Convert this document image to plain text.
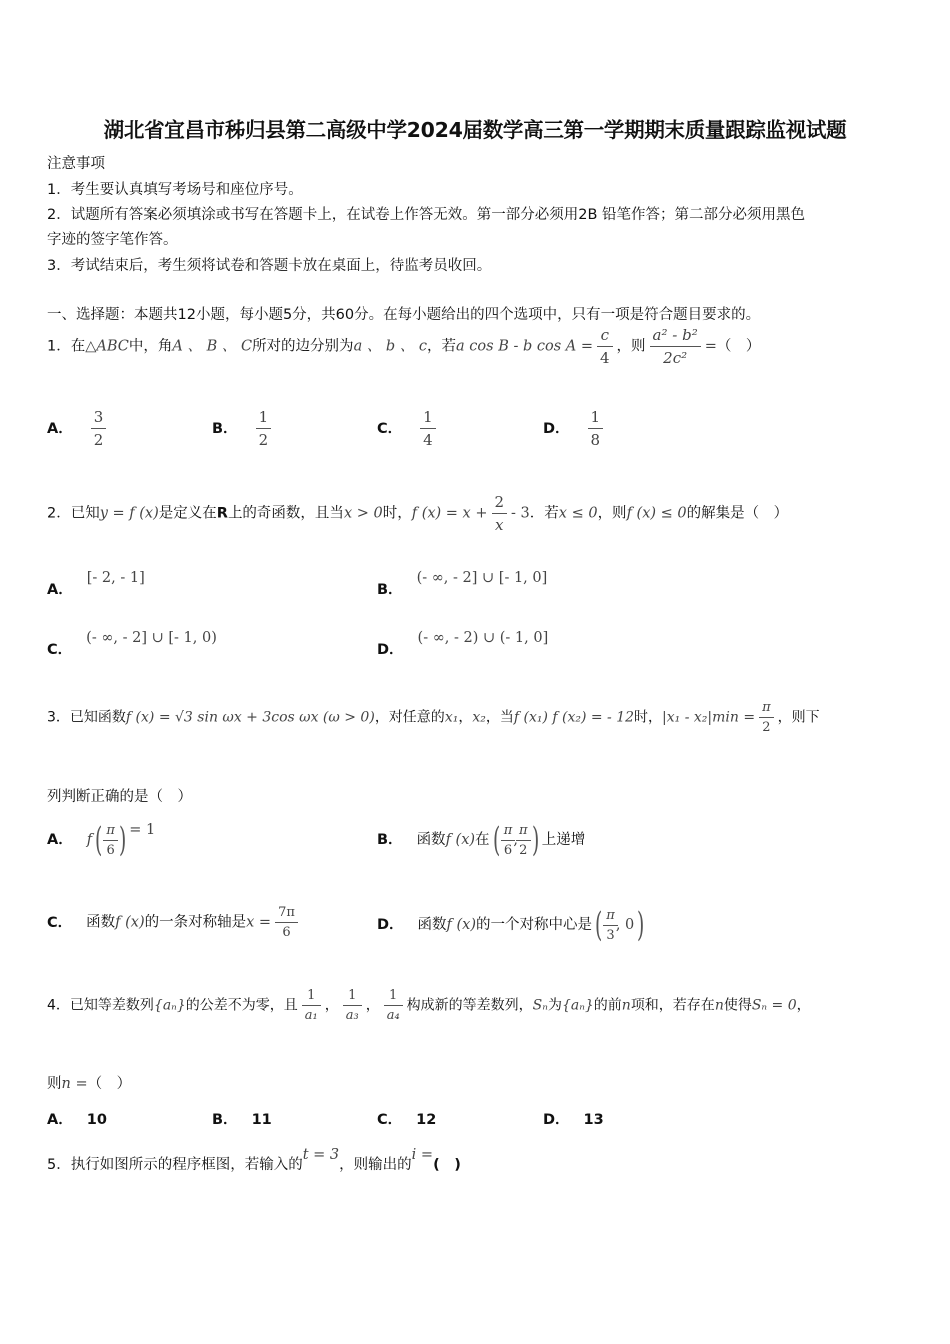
湖北省宜昌市秭归县第二高级中学2024届数学高三第一学期期末质量跟踪监视试题
注意事项
1．考生要认真填写考场号和座位序号。
2．试题所有答案必须填涂或书写在答题卡上，在试卷上作答无效。第一部分必须用2B 铅笔作答；第二部分必须用黑色
字迹的签字笔作答。
3．考试结束后，考生须将试卷和答题卡放在桌面上，待监考员收回。
一、选择题：本题共12小题，每小题5分，共60分。在每小题给出的四个选项中，只有一项是符合题目要求的。
1．在△ABC中，角A 、 B 、 C所对的边分别为a 、 b 、 c，若a cos B - b $\cos A = \frac{c}{4}$ ，则 $\frac{\text{a² - b²}}{\text{2c²}}$ =（　）
A． $\frac{3}{2}$	B． $\frac{1}{2}$	C． $\frac{1}{4}$	D． $\frac{1}{8}$
2．已知y = f (x)是定义在R上的奇函数，且当x > 0时，f $(x) = x + \frac{2}{x} - 3$．若x ≤ 0，则f (x) ≤ 0的解集是（　）
A．[- 2, - 1]
B．(- ∞, - 2] ∪ [- 1, 0]
C．(- ∞, - 2] ∪ [- 1, 0)
D．(- ∞, - 2) ∪ (- 1, 0]
3．已知函数f (x) = √3 sin ωx + 3cos ωx (ω > 0)，对任意的x₁，x₂，当f (x₁) f (x₂) = - 12时，$|x_1 - x_2|\min = \frac{\pi}{2}$ ，则下
列判断正确的是（　）
A． $f( \frac{\pi}{6}$ ) = 1
B． 函数f (x)在( $\frac{\pi}{6}$
,
$\frac{\pi}{2}$ ) 上递增
C． 函数f (x)的一条对称轴是$x = \frac{7\pi}{6}$	D． 函数f (x)的一个对称中心是( $\frac{\pi}{3}$
, 0)
4．已知等差数列{aₙ}的公差不为零，且 $\frac{1}{\text{a₁}}$ ， $\frac{1}{\text{a₃}}$ ， $\frac{1}{\text{a₄}}$ 构成新的等差数列，Sₙ为{aₙ}的前n项和，若存在n使得Sₙ = 0，
则n =（　）
A． 10	B． 11	C． 12	D． 13
5．执行如图所示的程序框图，若输入的t = 3，则输出的i =(　)
